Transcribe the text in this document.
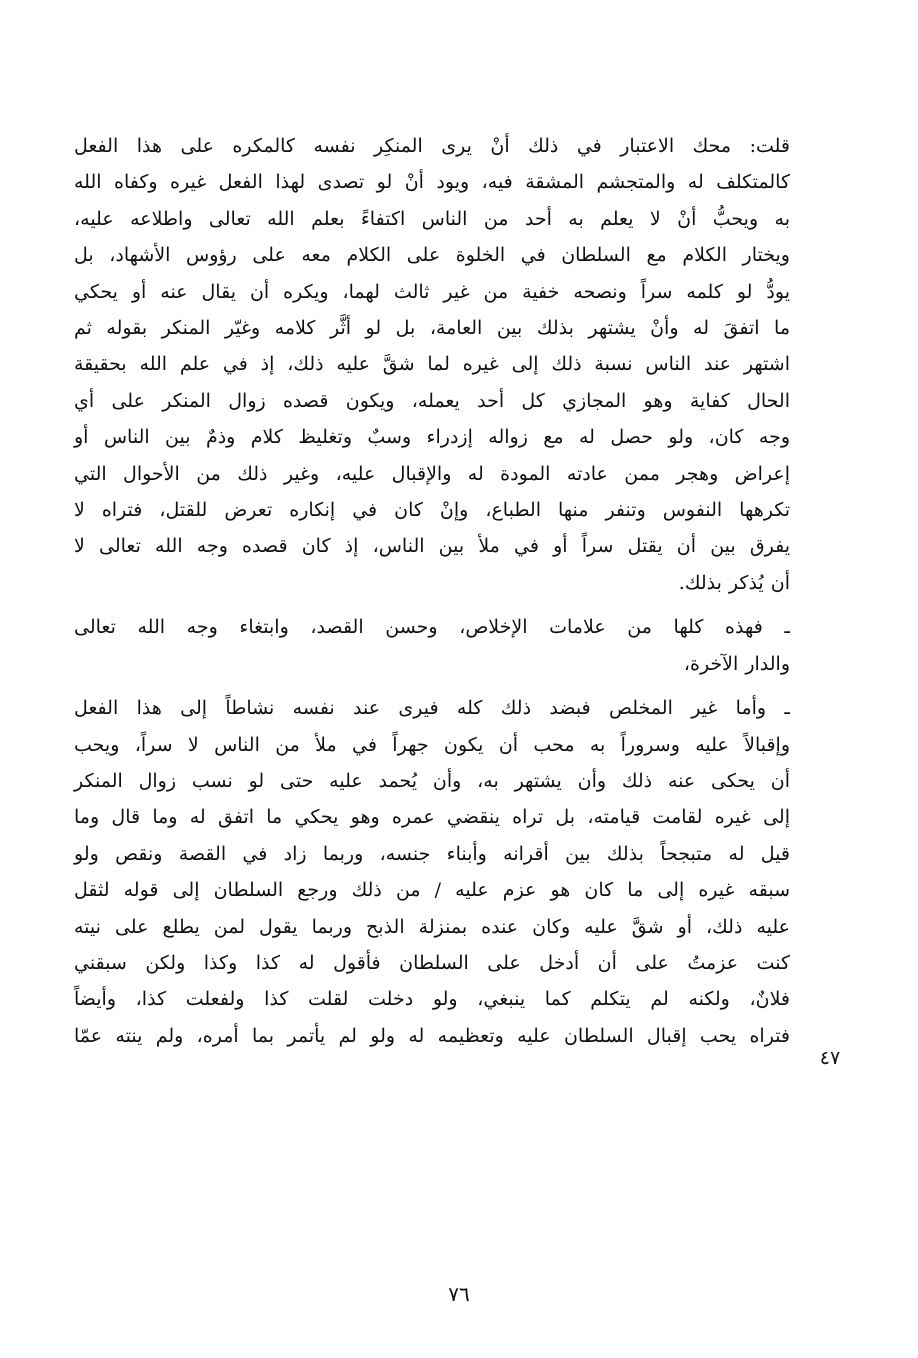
قلت: محك الاعتبار في ذلك أنْ يرى المنكِر نفسه كالمكره على هذا الفعل
كالمتكلف له والمتجشم المشقة فيه، ويود أنْ لو تصدى لهذا الفعل غيره وكفاه الله
به ويحبُّ أنْ لا يعلم به أحد من الناس اكتفاءً بعلم الله تعالى واطلاعه عليه،
ويختار الكلام مع السلطان في الخلوة على الكلام معه على رؤوس الأشهاد، بل
يودُّ لو كلمه سراً ونصحه خفية من غير ثالث لهما، ويكره أن يقال عنه أو يحكي
ما اتفقَ له وأنْ يشتهر بذلك بين العامة، بل لو أثَّر كلامه وغيّر المنكر بقوله ثم
اشتهر عند الناس نسبة ذلك إلى غيره لما شقَّ عليه ذلك، إذ في علم الله بحقيقة
الحال كفاية وهو المجازي كل أحد يعمله، ويكون قصده زوال المنكر على أي
وجه كان، ولو حصل له مع زواله إزدراء وسبٌ وتغليظ كلام وذمٌ بين الناس أو
إعراض وهجر ممن عادته المودة له والإقبال عليه، وغير ذلك من الأحوال التي
تكرهها النفوس وتنفر منها الطباع، وإنْ كان في إنكاره تعرض للقتل، فتراه لا
يفرق بين أن يقتل سراً أو في ملأ بين الناس، إذ كان قصده وجه الله تعالى لا
أن يُذكر بذلك.
ـ فهذه كلها من علامات الإخلاص، وحسن القصد، وابتغاء وجه الله تعالى
والدار الآخرة،
ـ وأما غير المخلص فبضد ذلك كله فيرى عند نفسه نشاطاً إلى هذا الفعل
وإقبالاً عليه وسروراً به محب أن يكون جهراً في ملأ من الناس لا سراً، ويحب
أن يحكى عنه ذلك وأن يشتهر به، وأن يُحمد عليه حتى لو نسب زوال المنكر
إلى غيره لقامت قيامته، بل تراه ينقضي عمره وهو يحكي ما اتفق له وما قال وما
قيل له متبجحاً بذلك بين أقرانه وأبناء جنسه، وربما زاد في القصة ونقص ولو
سبقه غيره إلى ما كان هو عزم عليه / من ذلك ورجع السلطان إلى قوله لثقل
عليه ذلك، أو شقَّ عليه وكان عنده بمنزلة الذبح وربما يقول لمن يطلع على نيته
كنت عزمتُ على أن أدخل على السلطان فأقول له كذا وكذا ولكن سبقني
فلانٌ، ولكنه لم يتكلم كما ينبغي، ولو دخلت لقلت كذا ولفعلت كذا، وأيضاً
فتراه يحب إقبال السلطان عليه وتعظيمه له ولو لم يأتمر بما أمره، ولم ينته عمّا
٤٧
٧٦
